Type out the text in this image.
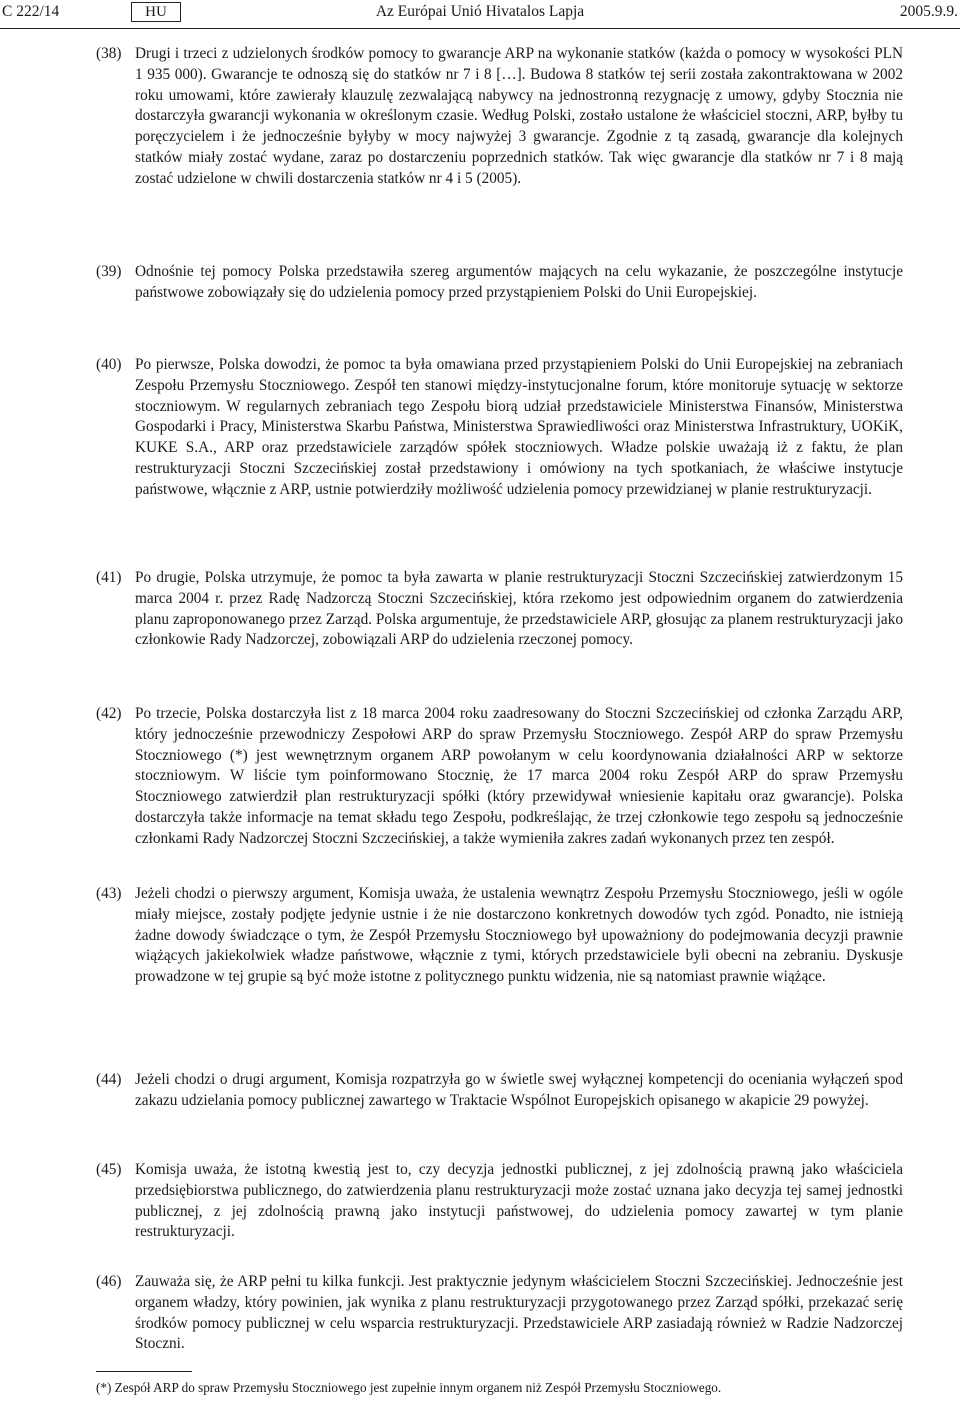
C 222/14	HU	Az Európai Unió Hivatalos Lapja	2005.9.9.
(38) Drugi i trzeci z udzielonych środków pomocy to gwarancje ARP na wykonanie statków (każda o pomocy w wysokości PLN 1 935 000). Gwarancje te odnoszą się do statków nr 7 i 8 […]. Budowa 8 statków tej serii została zakontraktowana w 2002 roku umowami, które zawierały klauzulę zezwalającą nabywcy na jednostronną rezygnację z umowy, gdyby Stocznia nie dostarczyła gwarancji wykonania w określonym czasie. Według Polski, zostało ustalone że właściciel stoczni, ARP, byłby tu poręczycielem i że jednocześnie byłyby w mocy najwyżej 3 gwarancje. Zgodnie z tą zasadą, gwarancje dla kolejnych statków miały zostać wydane, zaraz po dostarczeniu poprzednich statków. Tak więc gwarancje dla statków nr 7 i 8 mają zostać udzielone w chwili dostarczenia statków nr 4 i 5 (2005).
(39) Odnośnie tej pomocy Polska przedstawiła szereg argumentów mających na celu wykazanie, że poszczególne instytucje państwowe zobowiązały się do udzielenia pomocy przed przystąpieniem Polski do Unii Europejskiej.
(40) Po pierwsze, Polska dowodzi, że pomoc ta była omawiana przed przystąpieniem Polski do Unii Europejskiej na zebraniach Zespołu Przemysłu Stoczniowego. Zespół ten stanowi między-instytucjonalne forum, które monitoruje sytuację w sektorze stoczniowym. W regularnych zebraniach tego Zespołu biorą udział przedstawiciele Ministerstwa Finansów, Ministerstwa Gospodarki i Pracy, Ministerstwa Skarbu Państwa, Ministerstwa Sprawiedliwości oraz Ministerstwa Infrastruktury, UOKiK, KUKE S.A., ARP oraz przedstawiciele zarządów spółek stoczniowych. Władze polskie uważają iż z faktu, że plan restrukturyzacji Stoczni Szczecińskiej został przedstawiony i omówiony na tych spotkaniach, że właściwe instytucje państwowe, włącznie z ARP, ustnie potwierdziły możliwość udzielenia pomocy przewidzianej w planie restrukturyzacji.
(41) Po drugie, Polska utrzymuje, że pomoc ta była zawarta w planie restrukturyzacji Stoczni Szczecińskiej zatwierdzonym 15 marca 2004 r. przez Radę Nadzorczą Stoczni Szczecińskiej, która rzekomo jest odpowiednim organem do zatwierdzenia planu zaproponowanego przez Zarząd. Polska argumentuje, że przedstawiciele ARP, głosując za planem restrukturyzacji jako członkowie Rady Nadzorczej, zobowiązali ARP do udzielenia rzeczonej pomocy.
(42) Po trzecie, Polska dostarczyła list z 18 marca 2004 roku zaadresowany do Stoczni Szczecińskiej od członka Zarządu ARP, który jednocześnie przewodniczy Zespołowi ARP do spraw Przemysłu Stoczniowego. Zespół ARP do spraw Przemysłu Stoczniowego (*) jest wewnętrznym organem ARP powołanym w celu koordynowania działalności ARP w sektorze stoczniowym. W liście tym poinformowano Stocznię, że 17 marca 2004 roku Zespół ARP do spraw Przemysłu Stoczniowego zatwierdził plan restrukturyzacji spółki (który przewidywał wniesienie kapitału oraz gwarancje). Polska dostarczyła także informacje na temat składu tego Zespołu, podkreślając, że trzej członkowie tego zespołu są jednocześnie członkami Rady Nadzorczej Stoczni Szczecińskiej, a także wymieniła zakres zadań wykonanych przez ten zespół.
(43) Jeżeli chodzi o pierwszy argument, Komisja uważa, że ustalenia wewnątrz Zespołu Przemysłu Stoczniowego, jeśli w ogóle miały miejsce, zostały podjęte jedynie ustnie i że nie dostarczono konkretnych dowodów tych zgód. Ponadto, nie istnieją żadne dowody świadczące o tym, że Zespół Przemysłu Stoczniowego był upoważniony do podejmowania decyzji prawnie wiążących jakiekolwiek władze państwowe, włącznie z tymi, których przedstawiciele byli obecni na zebraniu. Dyskusje prowadzone w tej grupie są być może istotne z politycznego punktu widzenia, nie są natomiast prawnie wiążące.
(44) Jeżeli chodzi o drugi argument, Komisja rozpatrzyła go w świetle swej wyłącznej kompetencji do oceniania wyłączeń spod zakazu udzielania pomocy publicznej zawartego w Traktacie Wspólnot Europejskich opisanego w akapicie 29 powyżej.
(45) Komisja uważa, że istotną kwestią jest to, czy decyzja jednostki publicznej, z jej zdolnością prawną jako właściciela przedsiębiorstwa publicznego, do zatwierdzenia planu restrukturyzacji może zostać uznana jako decyzja tej samej jednostki publicznej, z jej zdolnością prawną jako instytucji państwowej, do udzielenia pomocy zawartej w tym planie restrukturyzacji.
(46) Zauważa się, że ARP pełni tu kilka funkcji. Jest praktycznie jedynym właścicielem Stoczni Szczecińskiej. Jednocześnie jest organem władzy, który powinien, jak wynika z planu restrukturyzacji przygotowanego przez Zarząd spółki, przekazać serię środków pomocy publicznej w celu wsparcia restrukturyzacji. Przedstawiciele ARP zasiadają również w Radzie Nadzorczej Stoczni.
(*) Zespół ARP do spraw Przemysłu Stoczniowego jest zupełnie innym organem niż Zespół Przemysłu Stoczniowego.
